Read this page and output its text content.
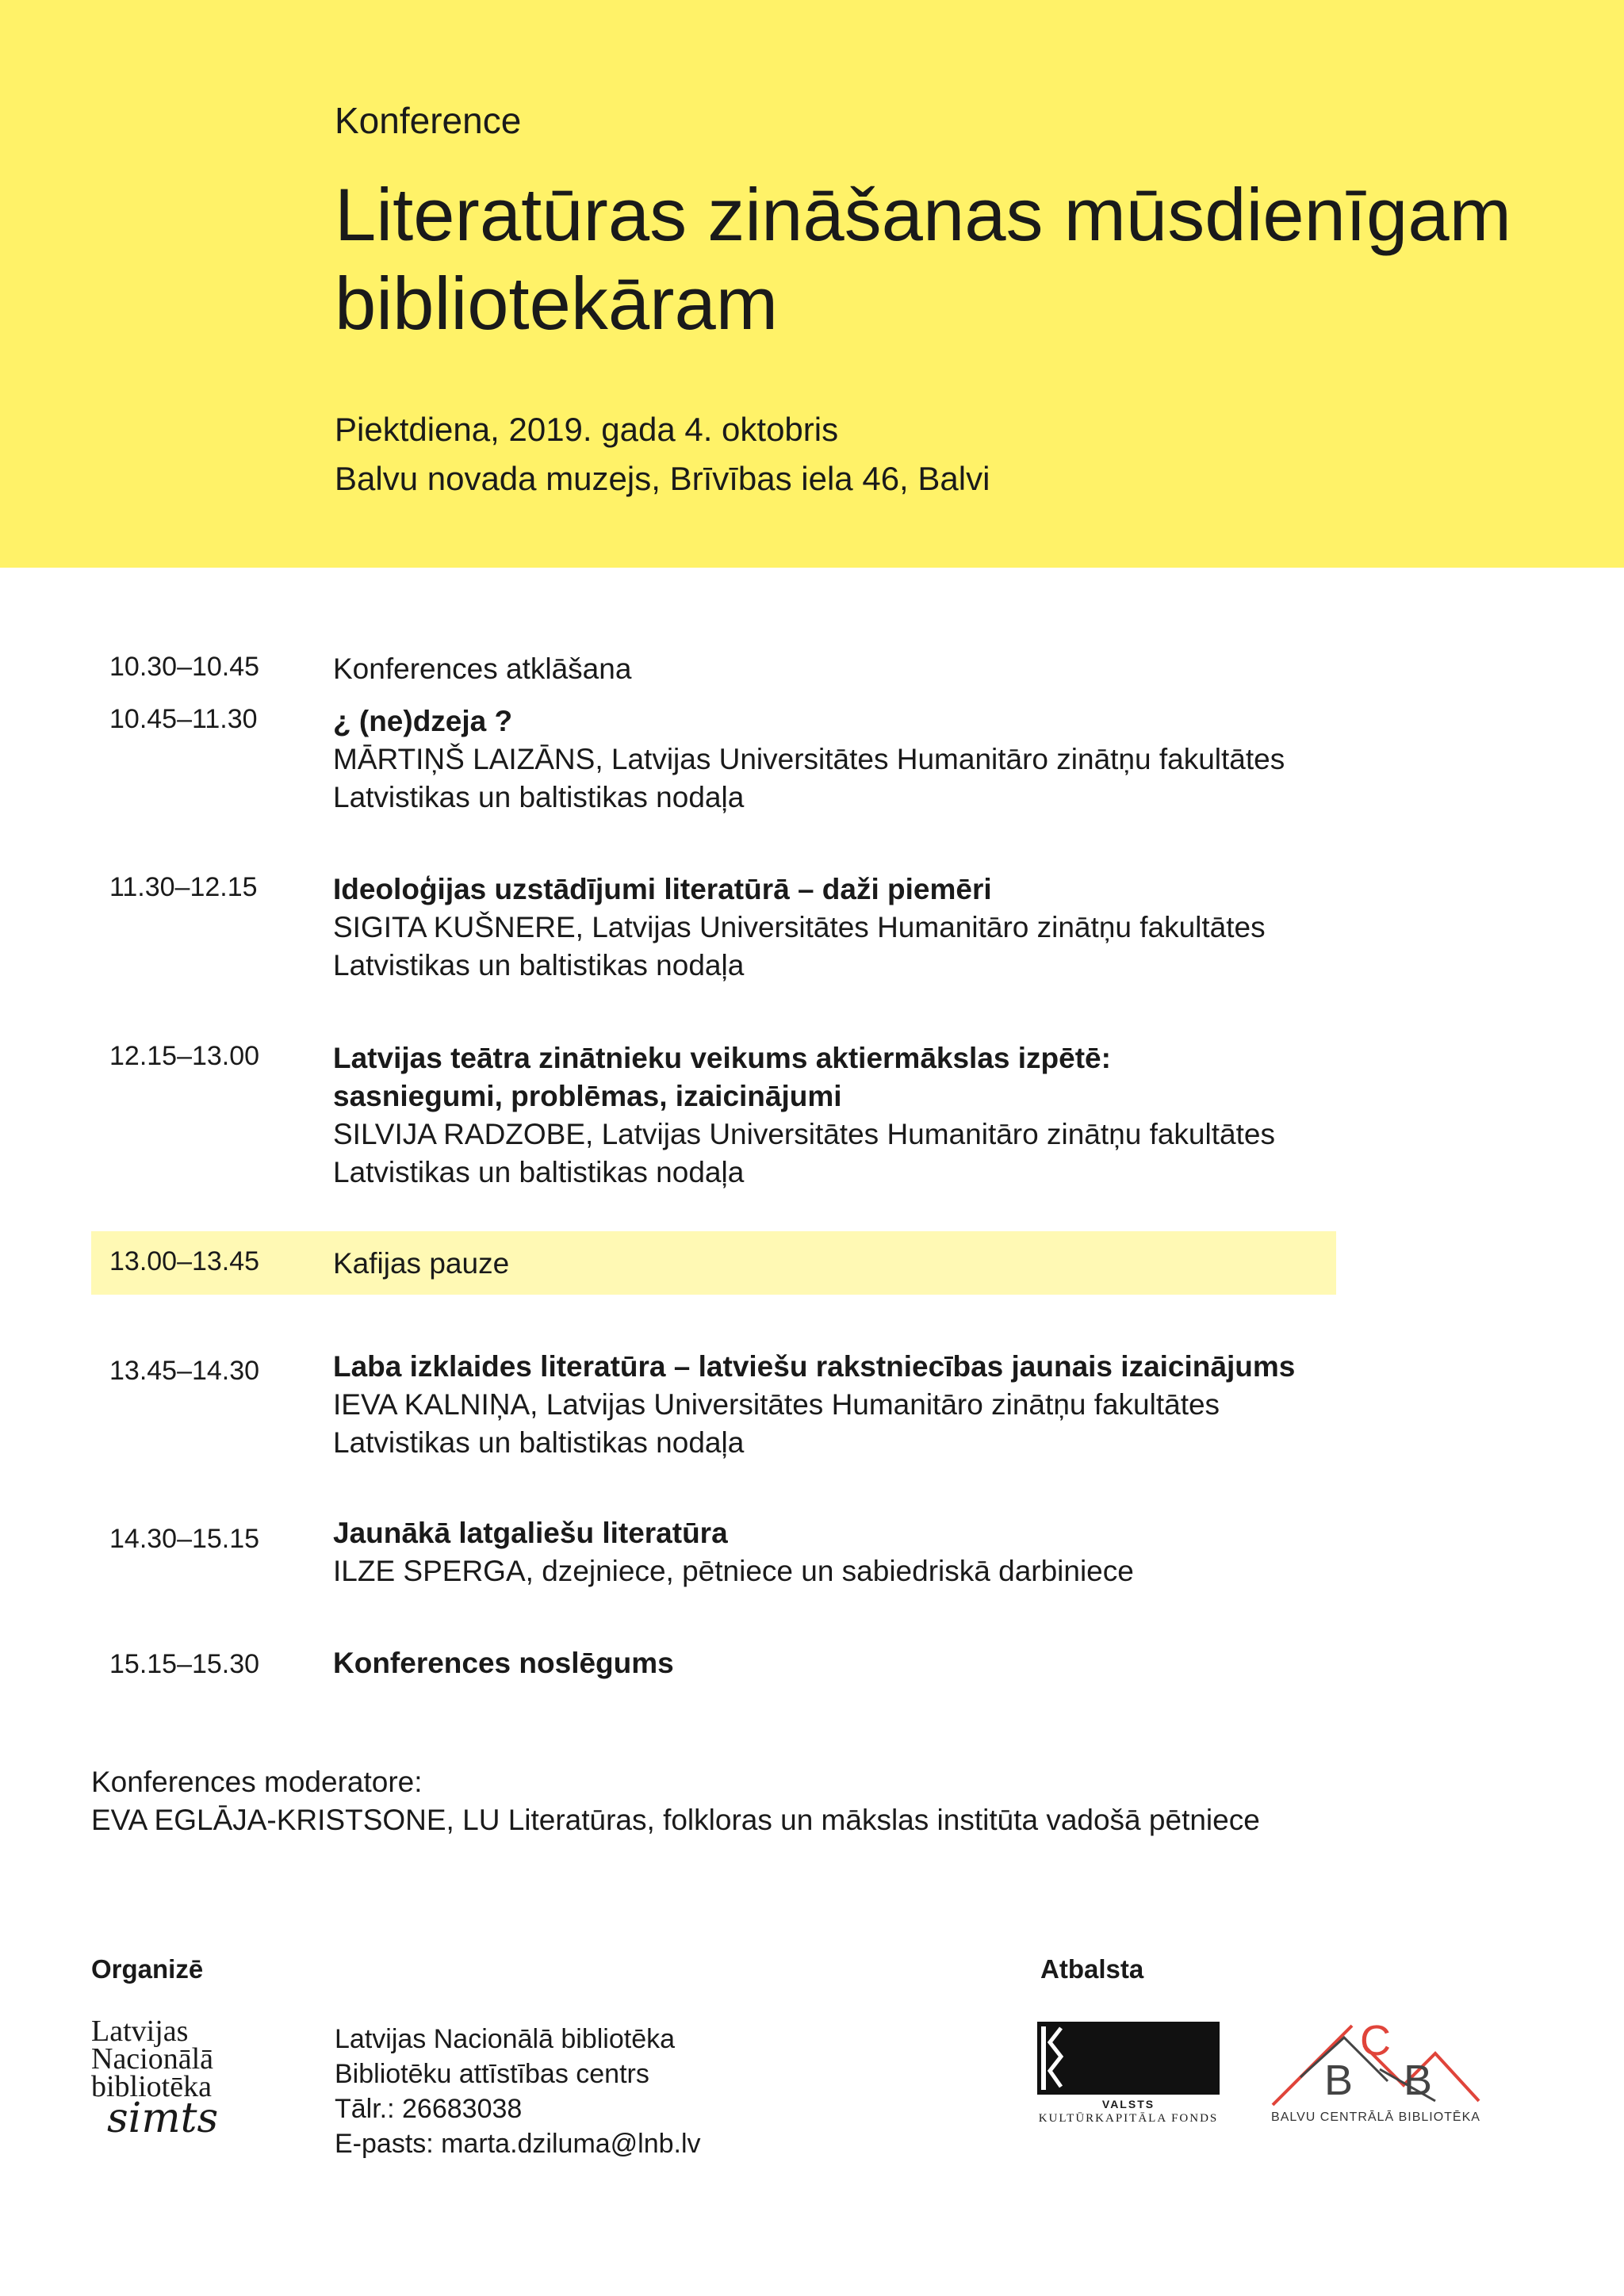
Konference
Literatūras zināšanas mūsdienīgam bibliotekāram
Piektdiena, 2019. gada 4. oktobris
Balvu novada muzejs, Brīvības iela 46, Balvi
10.30–10.45	Konferences atklāšana
10.45–11.30	¿ (ne)dzeja ?
MĀRTIŅŠ LAIZĀNS, Latvijas Universitātes Humanitāro zinātņu fakultātes
Latvistikas un baltistikas nodaļa
11.30–12.15	Ideoloģijas uzstādījumi literatūrā – daži piemēri
SIGITA KUŠNERE, Latvijas Universitātes Humanitāro zinātņu fakultātes
Latvistikas un baltistikas nodaļa
12.15–13.00	Latvijas teātra zinātnieku veikums aktiermākslas izpētē:
sasniegumi, problēmas, izaicinājumi
SILVIJA RADZOBE, Latvijas Universitātes Humanitāro zinātņu fakultātes
Latvistikas un baltistikas nodaļa
13.00–13.45	Kafijas pauze
13.45–14.30	Laba izklaides literatūra – latviešu rakstniecības jaunais izaicinājums
IEVA KALNIŅA, Latvijas Universitātes Humanitāro zinātņu fakultātes
Latvistikas un baltistikas nodaļa
14.30–15.15	Jaunākā latgaliešu literatūra
ILZE SPERGA, dzejniece, pētniece un sabiedriskā darbiniece
15.15–15.30	Konferences noslēgums
Konferences moderatore:
EVA EGLĀJA-KRISTSONE, LU Literatūras, folkloras un mākslas institūta vadošā pētniece
Organizē	Atbalsta
Latvijas
Nacionālā
bibliotēka
simts
Latvijas Nacionālā bibliotēka
Bibliotēku attīstības centrs
Tālr.: 26683038
E-pasts: marta.dziluma@lnb.lv
VALSTS
KULTŪRKAPITĀLA FONDS
B
C
B
BALVU CENTRĀLĀ BIBLIOTĒKA
